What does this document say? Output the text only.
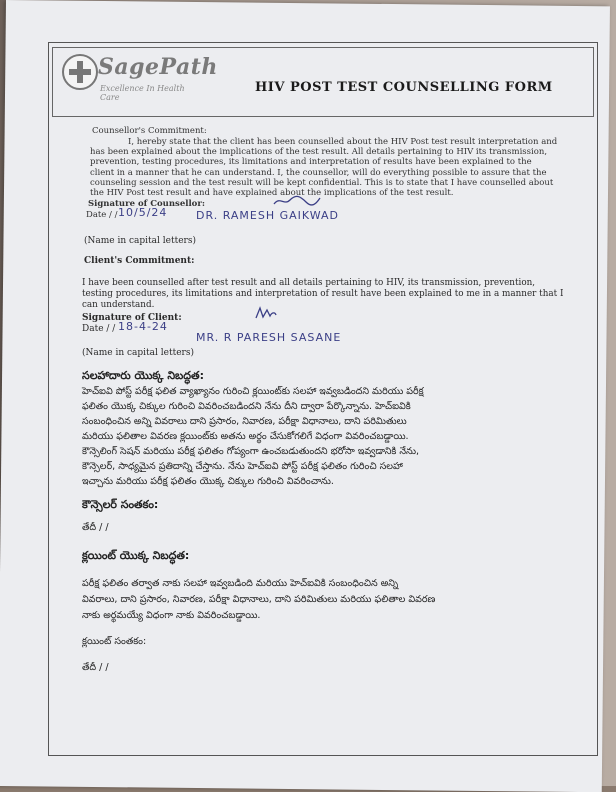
SagePath
Excellence In Health Care
HIV POST TEST COUNSELLING FORM
Counsellor's Commitment:
I, hereby state that the client has been counselled about the HIV Post test result interpretation and
has been explained about the implications of the test result. All details pertaining to HIV its transmission,
prevention, testing procedures, its limitations and interpretation of results have been explained to the
client in a manner that he can understand. I, the counsellor, will do everything possible to assure that the
counseling session and the test result will be kept confidential. This is to state that I have counselled about
the HIV Post test result and have explained about the implications of the test result.
Signature of Counsellor:
Date / / 10/5/24	DR. RAMESH GAIKWAD
(Name in capital letters)
Client's Commitment:
I have been counselled after test result and all details pertaining to HIV, its transmission, prevention,
testing procedures, its limitations and interpretation of result have been explained to me in a manner that I
can understand.
Signature of Client:
Date / / 18-4-24
MR. R PARESH SASANE
(Name in capital letters)
సలహాదారు యొక్క నిబద్ధత:
హెచ్ఐవి పోస్ట్ పరీక్ష ఫలిత వ్యాఖ్యానం గురించి క్లయింట్‌కు సలహా ఇవ్వబడిందని మరియు పరీక్ష
ఫలితం యొక్క చిక్కుల గురించి వివరించబడిందని నేను దీని ద్వారా పేర్కొన్నాను. హెచ్ఐవికి
సంబంధించిన అన్ని వివరాలు దాని ప్రసారం, నివారణ, పరీక్షా విధానాలు, దాని పరిమితులు
మరియు ఫలితాల వివరణ క్లయింట్‌కు అతను అర్థం చేసుకోగలిగే విధంగా వివరించబడ్డాయి.
కౌన్సెలింగ్ సెషన్ మరియు పరీక్ష ఫలితం గోప్యంగా ఉంచబడుతుందని భరోసా ఇవ్వడానికి నేను,
కౌన్సెలర్, సాధ్యమైన ప్రతిదాన్ని చేస్తాను. నేను హెచ్ఐవి పోస్ట్ పరీక్ష ఫలితం గురించి సలహా
ఇచ్చాను మరియు పరీక్ష ఫలితం యొక్క చిక్కుల గురించి వివరించాను.
కౌన్సెలర్ సంతకం:
తేదీ / /
క్లయింట్ యొక్క నిబద్ధత:
పరీక్ష ఫలితం తర్వాత నాకు సలహా ఇవ్వబడింది మరియు హెచ్ఐవికి సంబంధించిన అన్ని
వివరాలు, దాని ప్రసారం, నివారణ, పరీక్షా విధానాలు, దాని పరిమితులు మరియు ఫలితాల వివరణ
నాకు అర్థమయ్యే విధంగా నాకు వివరించబడ్డాయి.
క్లయింట్ సంతకం:
తేదీ / /
